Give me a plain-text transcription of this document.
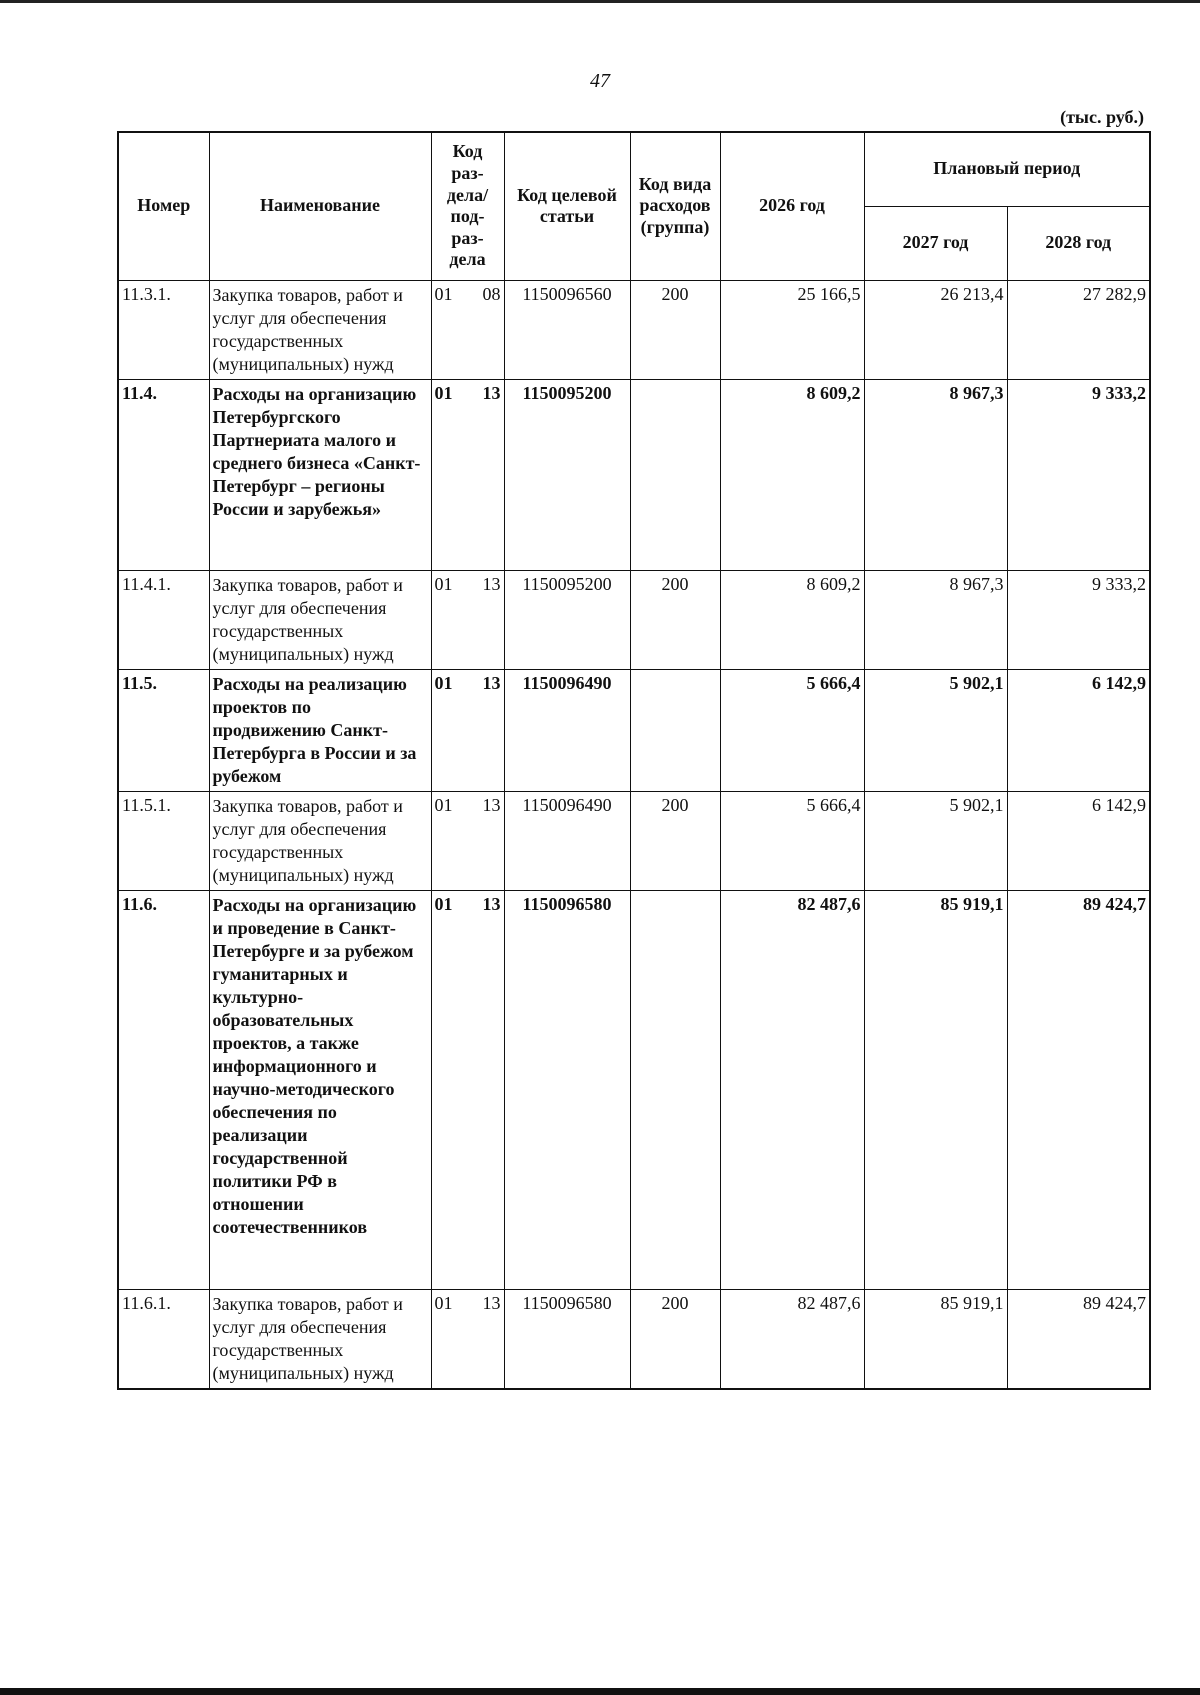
47
(тыс. руб.)
Номер	Наименование	Код раз-дела/ под-раз-дела	Код целевой статьи	Код вида расходов (группа)	2026 год	Плановый период	
						2027 год	2028 год
11.3.1.	Закупка товаров, работ и услуг для обеспечения государственных (муниципальных) нужд	01 08	1150096560	200	25 166,5	26 213,4	27 282,9
11.4.	Расходы на организацию Петербургского Партнериата малого и среднего бизнеса «Санкт-Петербург – регионы России и зарубежья»	01 13	1150095200		8 609,2	8 967,3	9 333,2
11.4.1.	Закупка товаров, работ и услуг для обеспечения государственных (муниципальных) нужд	01 13	1150095200	200	8 609,2	8 967,3	9 333,2
11.5.	Расходы на реализацию проектов по продвижению Санкт-Петербурга в России и за рубежом	01 13	1150096490		5 666,4	5 902,1	6 142,9
11.5.1.	Закупка товаров, работ и услуг для обеспечения государственных (муниципальных) нужд	01 13	1150096490	200	5 666,4	5 902,1	6 142,9
11.6.	Расходы на организацию и проведение в Санкт-Петербурге и за рубежом гуманитарных и культурно-образовательных проектов, а также информационного и научно-методического обеспечения по реализации государственной политики РФ в отношении соотечественников	01 13	1150096580		82 487,6	85 919,1	89 424,7
11.6.1.	Закупка товаров, работ и услуг для обеспечения государственных (муниципальных) нужд	01 13	1150096580	200	82 487,6	85 919,1	89 424,7
